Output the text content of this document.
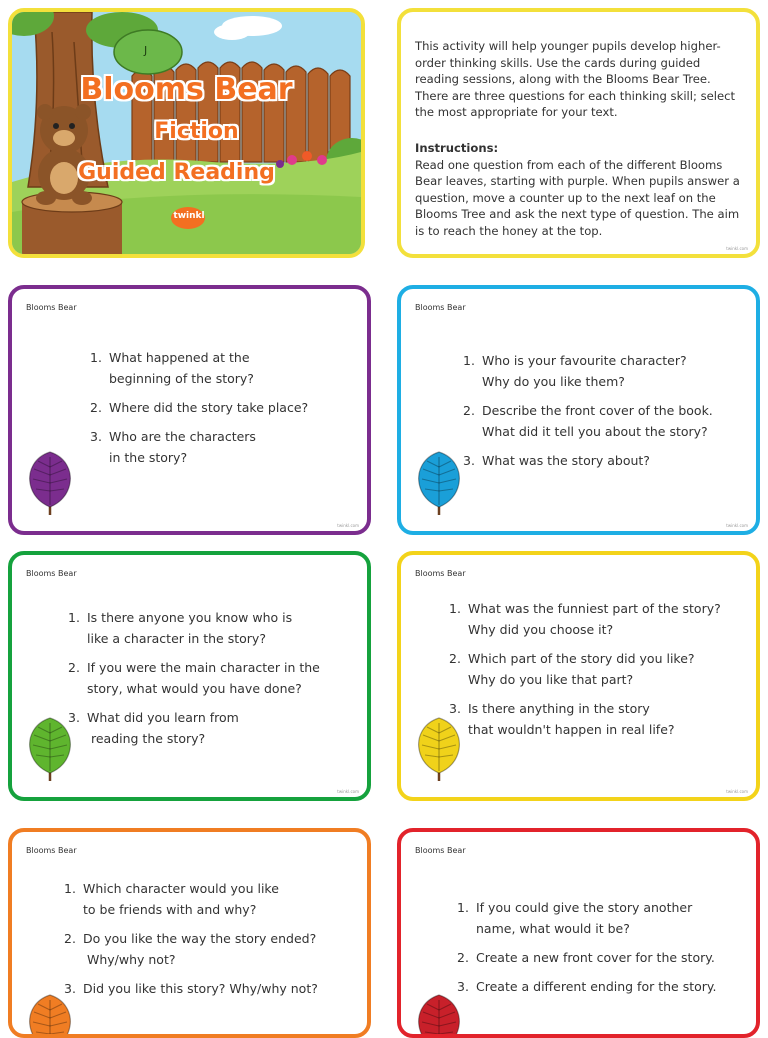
J
Blooms Bear
Fiction
Guided Reading
twinkl
This activity will help younger pupils develop higher-order thinking skills. Use the cards during guided reading sessions, along with the Blooms Bear Tree. There are three questions for each thinking skill; select the most appropriate for your text.
Instructions:
Read one question from each of the different Blooms Bear leaves, starting with purple. When pupils answer a question, move a counter up to the next leaf on the Blooms Tree and ask the next type of question. The aim is to reach the honey at the top.
twinkl.com
Blooms Bear
1. What happened at the
beginning of the story?
2. Where did the story take place?
3. Who are the characters
in the story?
twinkl.com
Blooms Bear
1. Who is your favourite character?
Why do you like them?
2. Describe the front cover of the book.
What did it tell you about the story?
3. What was the story about?
twinkl.com
Blooms Bear
1. Is there anyone you know who is
like a character in the story?
2. If you were the main character in the
story, what would you have done?
3. What did you learn from
reading the story?
twinkl.com
Blooms Bear
1. What was the funniest part of the story?
Why did you choose it?
2. Which part of the story did you like?
Why do you like that part?
3. Is there anything in the story
that wouldn't happen in real life?
twinkl.com
Blooms Bear
1. Which character would you like
to be friends with and why?
2. Do you like the way the story ended?
Why/why not?
3. Did you like this story? Why/why not?
Blooms Bear
1. If you could give the story another
name, what would it be?
2. Create a new front cover for the story.
3. Create a different ending for the story.
